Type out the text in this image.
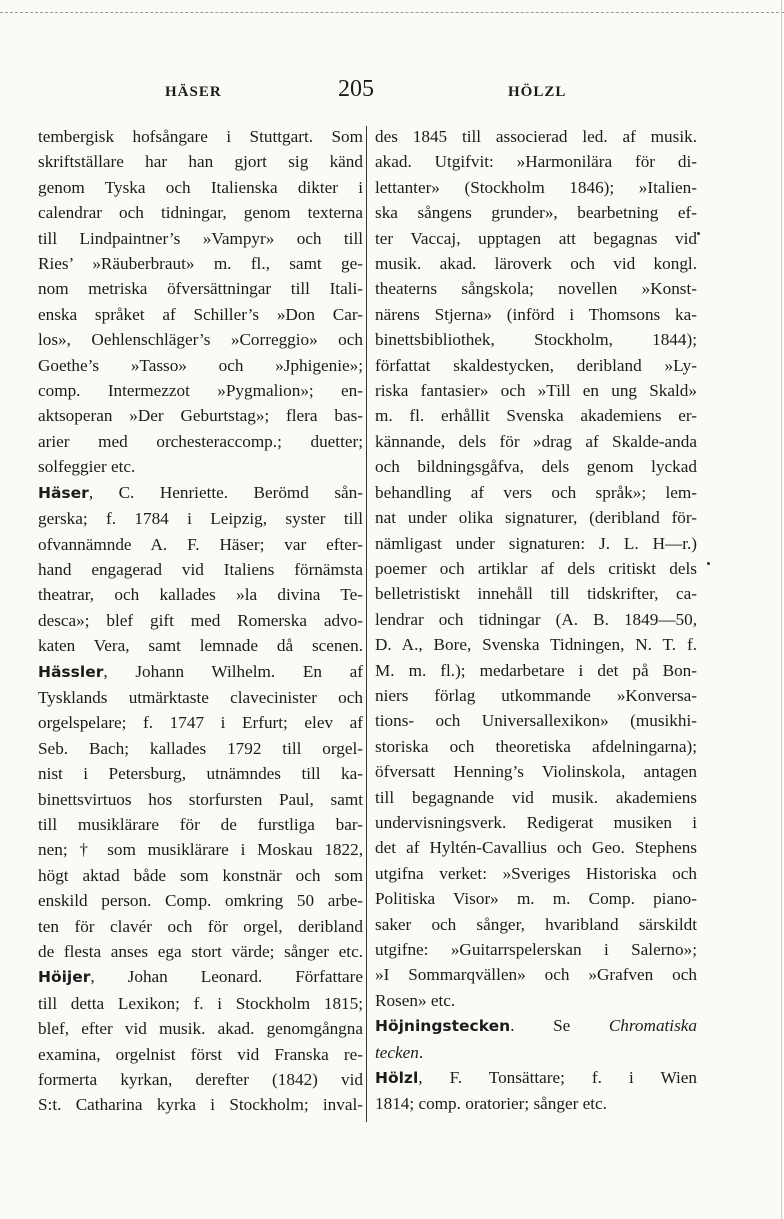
HÄSER	205	HÖLZL
tembergisk hofsångare i Stuttgart. Som
skriftställare har han gjort sig känd
genom Tyska och Italienska dikter i
calendrar och tidningar, genom texterna
till Lindpaintner’s »Vampyr» och till
Ries’ »Räuberbraut» m. fl., samt ge-
nom metriska öfversättningar till Itali-
enska språket af Schiller’s »Don Car-
los», Oehlenschläger’s »Correggio» och
Goethe’s »Tasso» och »Jphigenie»;
comp. Intermezzot »Pygmalion»; en-
aktsoperan »Der Geburtstag»; flera bas-
arier med orchesteraccomp.; duetter;
solfeggier etc.
Häser, C. Henriette. Berömd sån-
gerska; f. 1784 i Leipzig, syster till
ofvannämnde A. F. Häser; var efter-
hand engagerad vid Italiens förnämsta
theatrar, och kallades »la divina Te-
desca»; blef gift med Romerska advo-
katen Vera, samt lemnade då scenen.
Hässler, Johann Wilhelm. En af
Tysklands utmärktaste clavecinister och
orgelspelare; f. 1747 i Erfurt; elev af
Seb. Bach; kallades 1792 till orgel-
nist i Petersburg, utnämndes till ka-
binettsvirtuos hos storfursten Paul, samt
till musiklärare för de furstliga bar-
nen; † som musiklärare i Moskau 1822,
högt aktad både som konstnär och som
enskild person. Comp. omkring 50 arbe-
ten för clavér och för orgel, deribland
de flesta anses ega stort värde; sånger etc.
Höijer, Johan Leonard. Författare
till detta Lexikon; f. i Stockholm 1815;
blef, efter vid musik. akad. genomgångna
examina, orgelnist först vid Franska re-
formerta kyrkan, derefter (1842) vid
S:t. Catharina kyrka i Stockholm; inval-
des 1845 till associerad led. af musik.
akad. Utgifvit: »Harmonilära för di-
lettanter» (Stockholm 1846); »Italien-
ska sångens grunder», bearbetning ef-
ter Vaccaj, upptagen att begagnas vid
musik. akad. läroverk och vid kongl.
theaterns sångskola; novellen »Konst-
närens Stjerna» (införd i Thomsons ka-
binettsbibliothek, Stockholm, 1844);
författat skaldestycken, deribland »Ly-
riska fantasier» och »Till en ung Skald»
m. fl. erhållit Svenska akademiens er-
kännande, dels för »drag af Skalde-anda
och bildningsgåfva, dels genom lyckad
behandling af vers och språk»; lem-
nat under olika signaturer, (deribland för-
nämligast under signaturen: J. L. H—r.)
poemer och artiklar af dels critiskt dels
belletristiskt innehåll till tidskrifter, ca-
lendrar och tidningar (A. B. 1849—50,
D. A., Bore, Svenska Tidningen, N. T. f.
M. m. fl.); medarbetare i det på Bon-
niers förlag utkommande »Konversa-
tions- och Universallexikon» (musikhi-
storiska och theoretiska afdelningarna);
öfversatt Henning’s Violinskola, antagen
till begagnande vid musik. akademiens
undervisningsverk. Redigerat musiken i
det af Hyltén-Cavallius och Geo. Stephens
utgifna verket: »Sveriges Historiska och
Politiska Visor» m. m. Comp. piano-
saker och sånger, hvaribland särskildt
utgifne: »Guitarrspelerskan i Salerno»;
»I Sommarqvällen» och »Grafven och
Rosen» etc.
Höjningstecken. Se Chromatiska
tecken.
Hölzl, F. Tonsättare; f. i Wien
1814; comp. oratorier; sånger etc.
